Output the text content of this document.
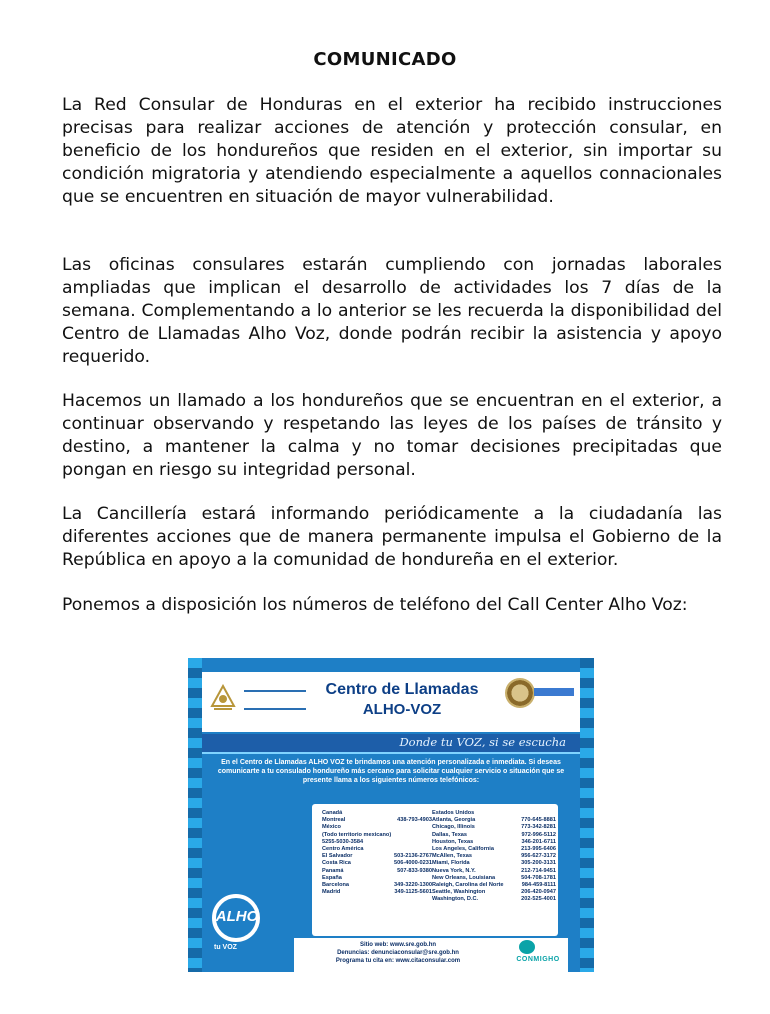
COMUNICADO

La Red Consular de Honduras en el exterior ha recibido instrucciones precisas para realizar acciones de atención y protección consular, en beneficio de los hondureños que residen en el exterior, sin importar su condición migratoria y atendiendo especialmente a aquellos connacionales que se encuentren en situación de mayor vulnerabilidad.

Las oficinas consulares estarán cumpliendo con jornadas laborales ampliadas que implican el desarrollo de actividades los 7 días de la semana. Complementando a lo anterior se les recuerda la disponibilidad del Centro de Llamadas Alho Voz, donde podrán recibir la asistencia y apoyo requerido.

Hacemos un llamado a los hondureños que se encuentran en el exterior, a continuar observando y respetando las leyes de los países de tránsito y destino, a mantener la calma y no tomar decisiones precipitadas que pongan en riesgo su integridad personal.

La Cancillería estará informando periódicamente a la ciudadanía las diferentes acciones que de manera permanente impulsa el Gobierno de la República en apoyo a la comunidad de hondureña en el exterior.

Ponemos a disposición los números de teléfono del Call Center Alho Voz:

Centro de Llamadas
ALHO-VOZ
Donde tu VOZ, si se escucha
En el Centro de Llamadas ALHO VOZ te brindamos una atención personalizada e inmediata. Si deseas comunicarte a tu consulado hondureño más cercano para solicitar cualquier servicio o situación que se presente llama a los siguientes números telefónicos:
Canadá
Montreal	438-793-4903
México
(Todo territorio mexicano)
5255-5030-3584
Centro América
El Salvador	503-2136-2767
Costa Rica	506-4000-0231
Panamá	507-833-9380
España
Barcelona	349-3220-1300
Madrid	349-1125-5601
Estados Unidos
Atlanta, Georgia	770-645-8881
Chicago, Illinois	773-342-8281
Dallas, Texas	972-996-5112
Houston, Texas	346-201-6711
Los Angeles, California	213-995-6406
McAllen, Texas	956-627-3172
Miami, Florida	305-200-3131
Nueva York, N.Y.	212-714-9451
New Orleans, Louisiana	504-708-1781
Raleigh, Carolina del Norte	984-459-8111
Seattle, Washington	206-420-0947
Washington, D.C.	202-525-4001
ALHO
tu VOZ	Sitio web: www.sre.gob.hn
Denuncias: denunciaconsular@sre.gob.hn
Programa tu cita en: www.citaconsular.com	CONMIGHO
